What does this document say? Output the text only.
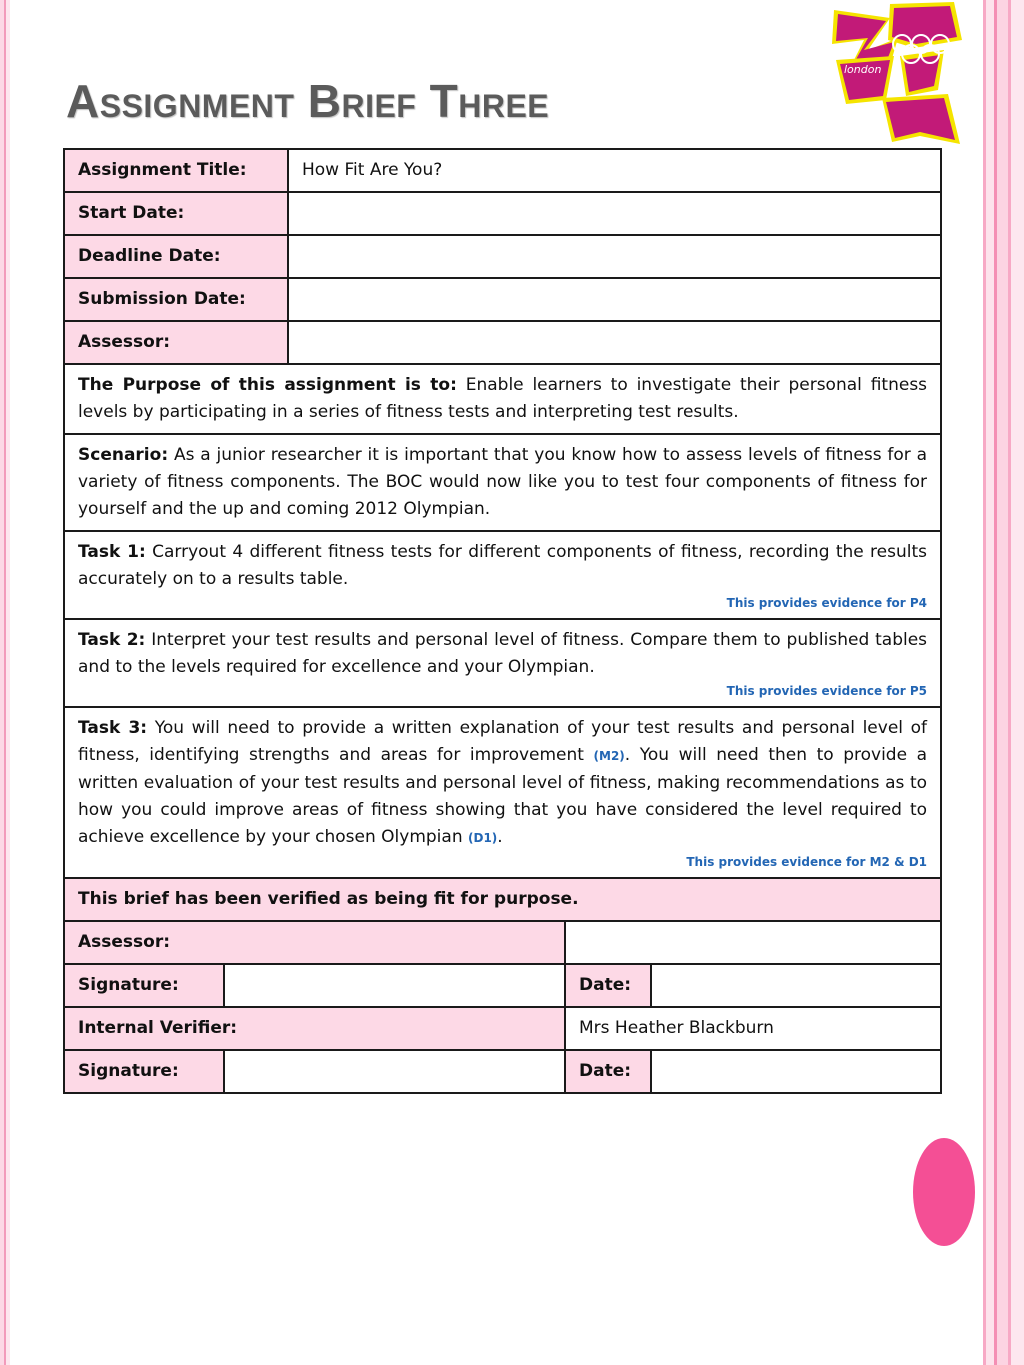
Assignment Brief Three
london
Assignment Title:		How Fit Are You?		
Start Date:				
Deadline Date:				
Submission Date:				
Assessor:				
The Purpose of this assignment is to: Enable learners to investigate their personal fitness levels by participating in a series of fitness tests and interpreting test results.				
Scenario: As a junior researcher it is important that you know how to assess levels of fitness for a variety of fitness components. The BOC would now like you to test four components of fitness for yourself and the up and coming 2012 Olympian.				
Task 1: Carryout 4 different fitness tests for different components of fitness, recording the results accurately on to a results table.
This provides evidence for P4				

Task 2: Interpret your test results and personal level of fitness. Compare them to published tables and to the levels required for excellence and your Olympian.
This provides evidence for P5				

Task 3: You will need to provide a written explanation of your test results and personal level of fitness, identifying strengths and areas for improvement (M2). You will need then to provide a written evaluation of your test results and personal level of fitness, making recommendations as to how you could improve areas of fitness showing that you have considered the level required to achieve excellence by your chosen Olympian (D1).
This provides evidence for M2 & D1				

This brief has been verified as being fit for purpose.				
Assessor:				
Signature:			Date:	
Internal Verifier:			Mrs Heather Blackburn	
Signature:			Date:	
